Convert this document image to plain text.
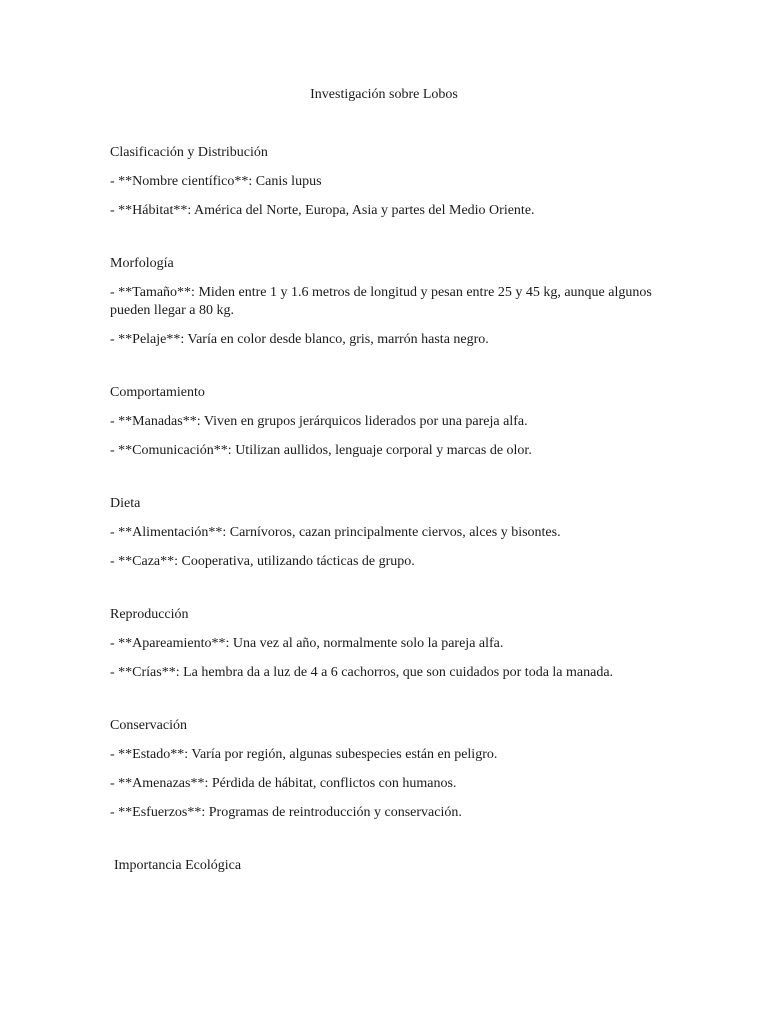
Investigación sobre Lobos
Clasificación y Distribución
- **Nombre científico**: Canis lupus
- **Hábitat**: América del Norte, Europa, Asia y partes del Medio Oriente.
Morfología
- **Tamaño**: Miden entre 1 y 1.6 metros de longitud y pesan entre 25 y 45 kg, aunque algunos pueden llegar a 80 kg.
- **Pelaje**: Varía en color desde blanco, gris, marrón hasta negro.
Comportamiento
- **Manadas**: Viven en grupos jerárquicos liderados por una pareja alfa.
- **Comunicación**: Utilizan aullidos, lenguaje corporal y marcas de olor.
Dieta
- **Alimentación**: Carnívoros, cazan principalmente ciervos, alces y bisontes.
- **Caza**: Cooperativa, utilizando tácticas de grupo.
Reproducción
- **Apareamiento**: Una vez al año, normalmente solo la pareja alfa.
- **Crías**: La hembra da a luz de 4 a 6 cachorros, que son cuidados por toda la manada.
Conservación
- **Estado**: Varía por región, algunas subespecies están en peligro.
- **Amenazas**: Pérdida de hábitat, conflictos con humanos.
- **Esfuerzos**: Programas de reintroducción y conservación.
Importancia Ecológica
